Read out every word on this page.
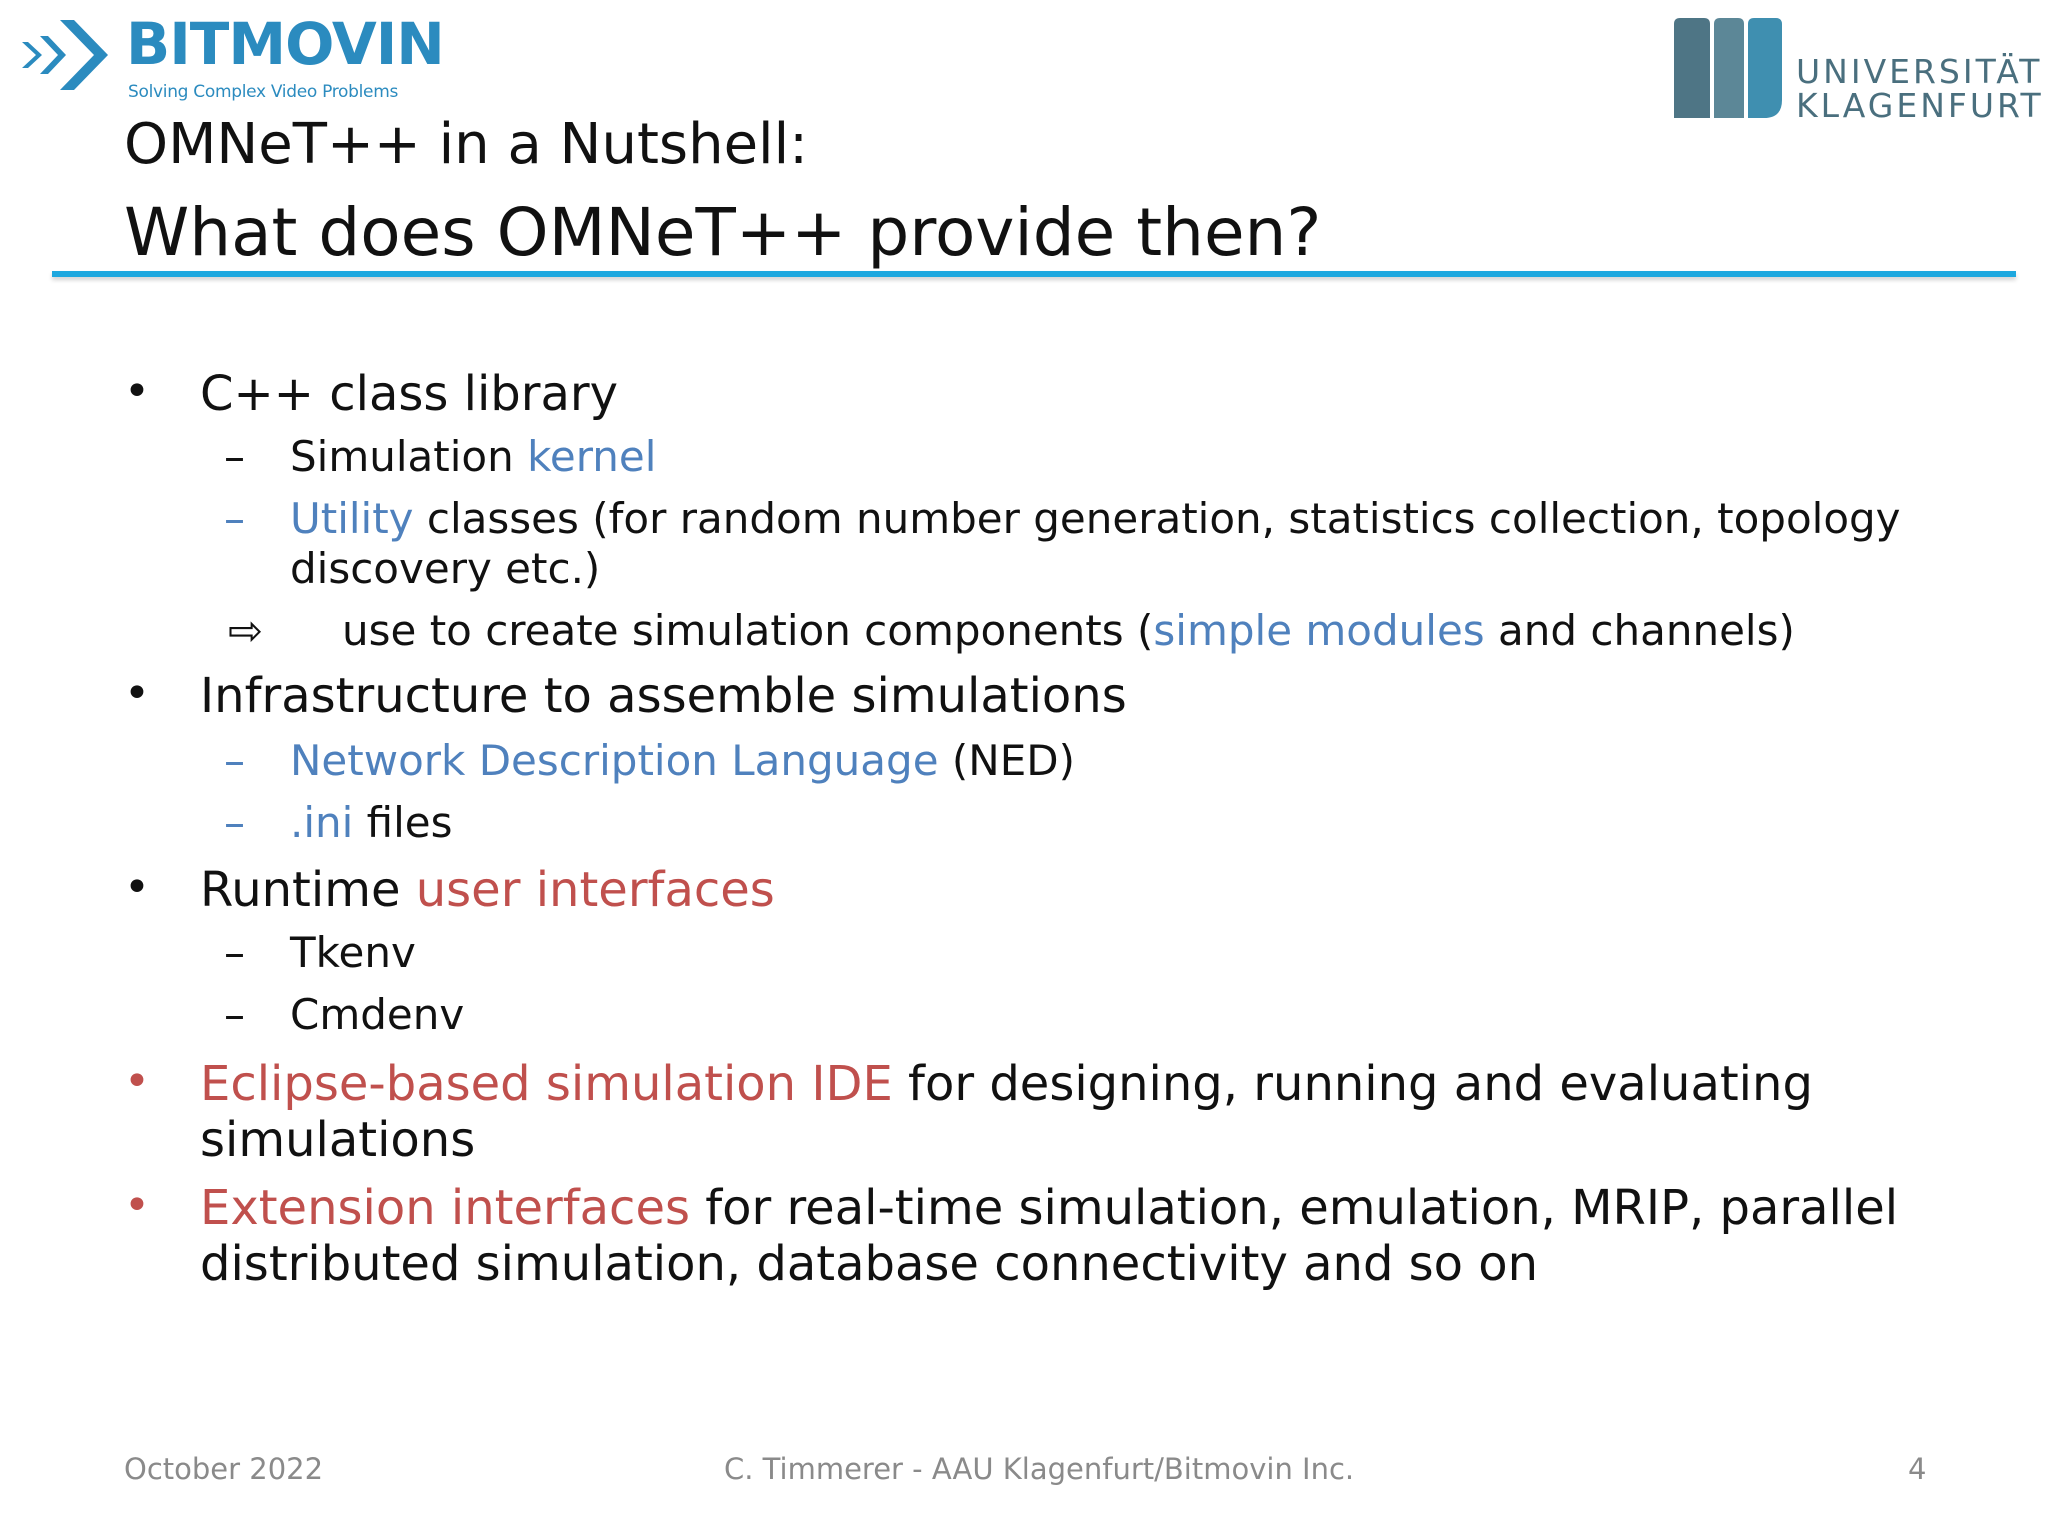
BITMOVIN
Solving Complex Video Problems
UNIVERSITÄT
KLAGENFURT
OMNeT++ in a Nutshell:
What does OMNeT++ provide then?
• C++ class library
– Simulation kernel
– Utility classes (for random number generation, statistics collection, topology
discovery etc.)
⇨ use to create simulation components (simple modules and channels)
• Infrastructure to assemble simulations
– Network Description Language (NED)
– .ini files
• Runtime user interfaces
– Tkenv
– Cmdenv
• Eclipse-based simulation IDE for designing, running and evaluating
simulations
• Extension interfaces for real-time simulation, emulation, MRIP, parallel
distributed simulation, database connectivity and so on
October 2022	C. Timmerer - AAU Klagenfurt/Bitmovin Inc.	4
